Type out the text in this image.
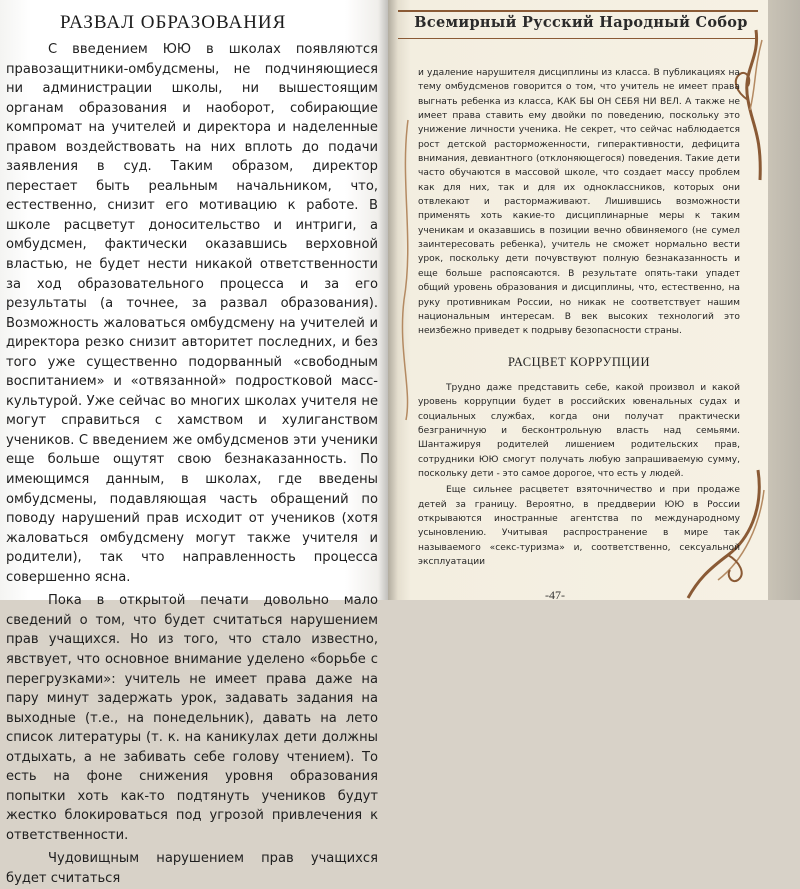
РАЗВАЛ ОБРАЗОВАНИЯ

С введением ЮЮ в школах появляются правозащитники-омбудсмены, не подчиняющиеся ни администрации школы, ни вышестоящим органам образования и наоборот, собирающие компромат на учителей и директора и наделенные правом воздействовать на них вплоть до подачи заявления в суд. Таким образом, директор перестает быть реальным начальником, что, естественно, снизит его мотивацию к работе. В школе расцветут доносительство и интриги, а омбудсмен, фактически оказавшись верховной властью, не будет нести никакой ответственности за ход образовательного процесса и за его результаты (а точнее, за развал образования). Возможность жаловаться омбудсмену на учителей и директора резко снизит авторитет последних, и без того уже существенно подорванный «свободным воспитанием» и «отвязанной» подростковой масс-культурой. Уже сейчас во многих школах учителя не могут справиться с хамством и хулиганством учеников. С введением же омбудсменов эти ученики еще больше ощутят свою безнаказанность. По имеющимся данным, в школах, где введены омбудсмены, подавляющая часть обращений по поводу нарушений прав исходит от учеников (хотя жаловаться омбудсмену могут также учителя и родители), так что направленность процесса совершенно ясна.

Пока в открытой печати довольно мало сведений о том, что будет считаться нарушением прав учащихся. Но из того, что стало известно, явствует, что основное внимание уделено «борьбе с перегрузками»: учитель не имеет права даже на пару минут задержать урок, задавать задания на выходные (т.е., на понедельник), давать на лето список литературы (т. к. на каникулах дети должны отдыхать, а не забивать себе голову чтением). То есть на фоне снижения уровня образования попытки хоть как-то подтянуть учеников будут жестко блокироваться под угрозой привлечения к ответственности.

Чудовищным нарушением прав учащихся будет считаться

Всемирный Русский Народный Собор

и удаление нарушителя дисциплины из класса. В публикациях на тему омбудсменов говорится о том, что учитель не имеет права выгнать ребенка из класса, КАК БЫ ОН СЕБЯ НИ ВЕЛ. А также не имеет права ставить ему двойки по поведению, поскольку это унижение личности ученика. Не секрет, что сейчас наблюдается рост детской расторможенности, гиперактивности, дефицита внимания, девиантного (отклоняющегося) поведения. Такие дети часто обучаются в массовой школе, что создает массу проблем как для них, так и для их одноклассников, которых они отвлекают и растормаживают. Лишившись возможности применять хоть какие-то дисциплинарные меры к таким ученикам и оказавшись в позиции вечно обвиняемого (не сумел заинтересовать ребенка), учитель не сможет нормально вести урок, поскольку дети почувствуют полную безнаказанность и еще больше распоясаются. В результате опять-таки упадет общий уровень образования и дисциплины, что, естественно, на руку противникам России, но никак не соответствует нашим национальным интересам. В век высоких технологий это неизбежно приведет к подрыву безопасности страны.

РАСЦВЕТ КОРРУПЦИИ

Трудно даже представить себе, какой произвол и какой уровень коррупции будет в российских ювенальных судах и социальных службах, когда они получат практически безграничную и бесконтрольную власть над семьями. Шантажируя родителей лишением родительских прав, сотрудники ЮЮ смогут получать любую запрашиваемую сумму, поскольку дети - это самое дорогое, что есть у людей.

Еще сильнее расцветет взяточничество и при продаже детей за границу. Вероятно, в преддверии ЮЮ в России открываются иностранные агентства по международному усыновлению. Учитывая распространение в мире так называемого «секс-туризма» и, соответственно, сексуальной эксплуатации

-47-
